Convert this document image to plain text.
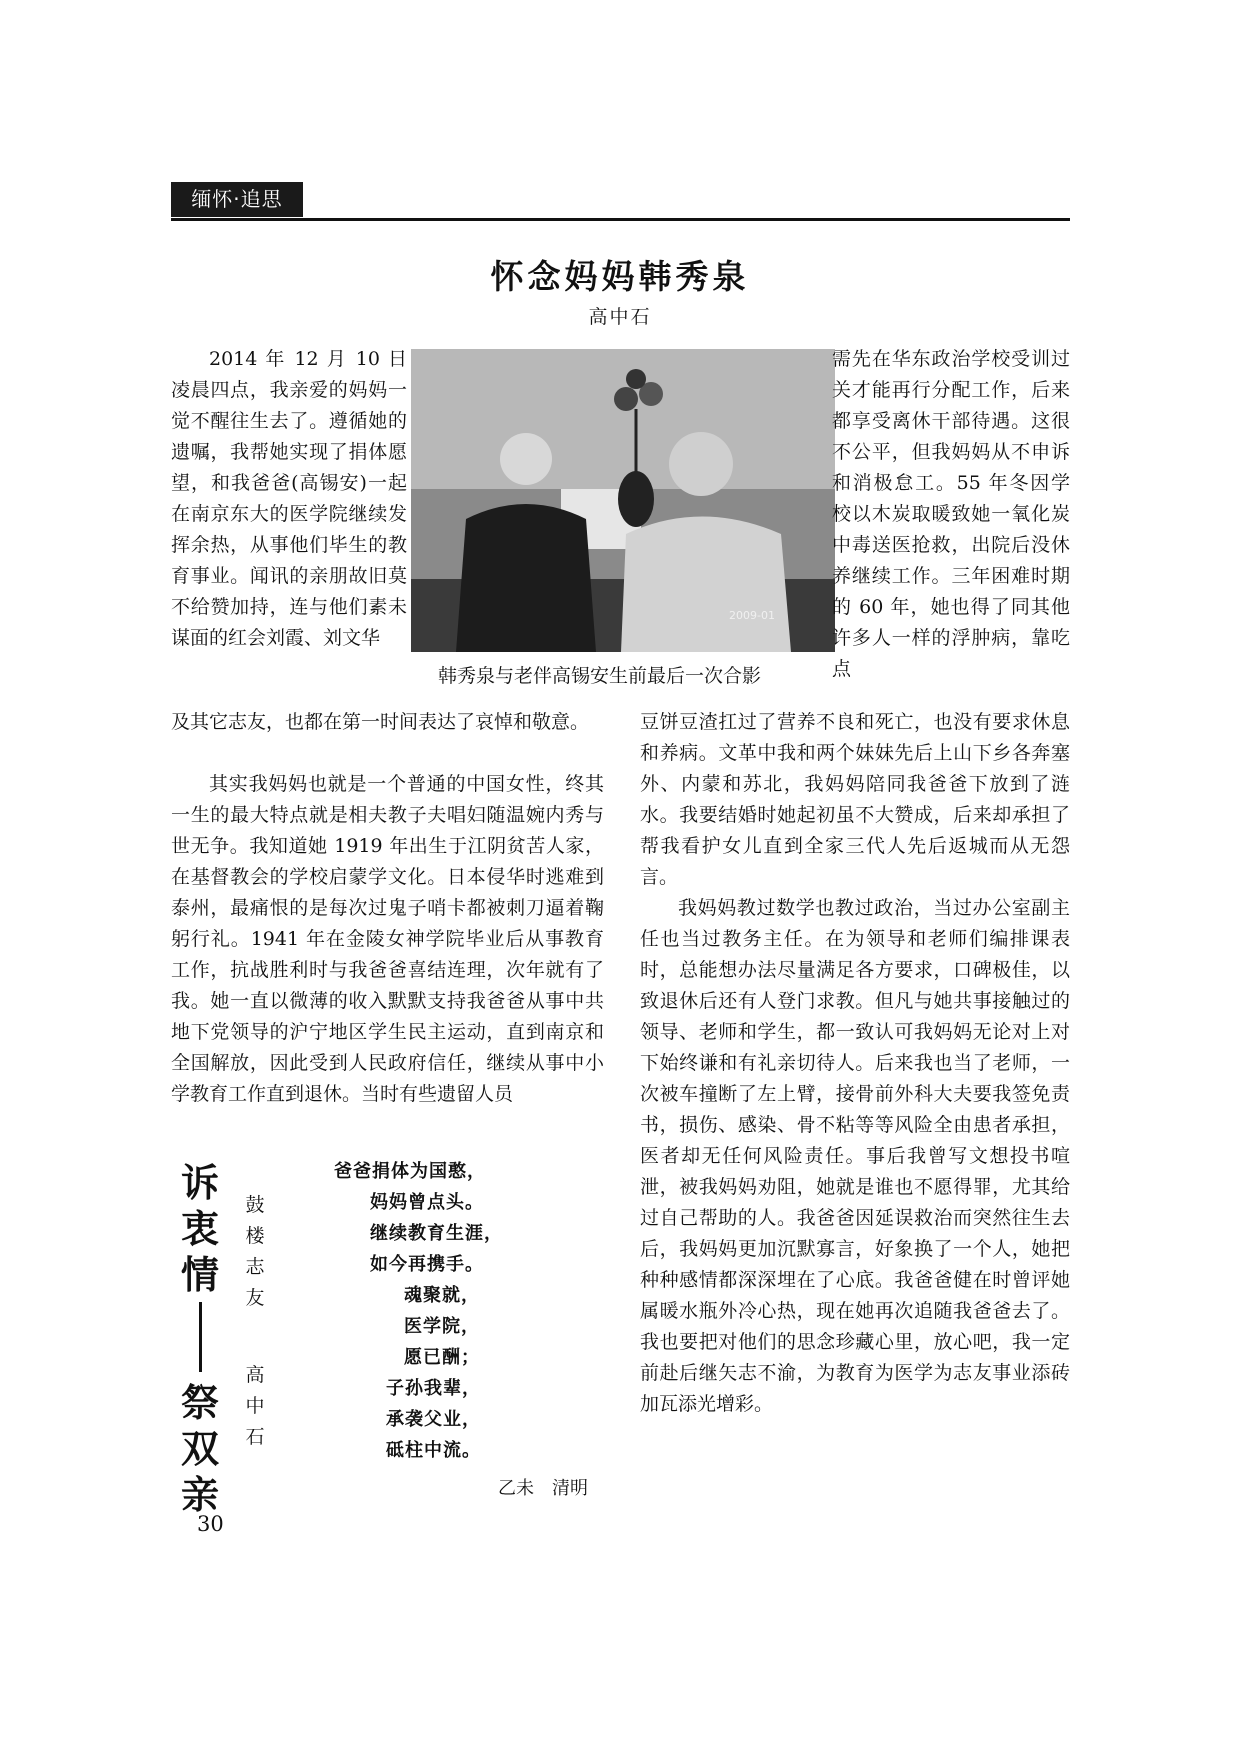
缅怀·追思
怀念妈妈韩秀泉
高中石

2014 年 12 月 10 日凌晨四点，我亲爱的妈妈一觉不醒往生去了。遵循她的遗嘱，我帮她实现了捐体愿望，和我爸爸(高锡安)一起在南京东大的医学院继续发挥余热，从事他们毕生的教育事业。闻讯的亲朋故旧莫不给赞加持，连与他们素未谋面的红会刘霞、刘文华

及其它志友，也都在第一时间表达了哀悼和敬意。

其实我妈妈也就是一个普通的中国女性，终其一生的最大特点就是相夫教子夫唱妇随温婉内秀与世无争。我知道她 1919 年出生于江阴贫苦人家，在基督教会的学校启蒙学文化。日本侵华时逃难到泰州，最痛恨的是每次过鬼子哨卡都被刺刀逼着鞠躬行礼。1941 年在金陵女神学院毕业后从事教育工作，抗战胜利时与我爸爸喜结连理，次年就有了我。她一直以微薄的收入默默支持我爸爸从事中共地下党领导的沪宁地区学生民主运动，直到南京和全国解放，因此受到人民政府信任，继续从事中小学教育工作直到退休。当时有些遗留人员

2009-01
韩秀泉与老伴高锡安生前最后一次合影

需先在华东政治学校受训过关才能再行分配工作，后来都享受离休干部待遇。这很不公平，但我妈妈从不申诉和消极怠工。55 年冬因学校以木炭取暖致她一氧化炭中毒送医抢救，出院后没休养继续工作。三年困难时期的 60 年，她也得了同其他许多人一样的浮肿病，靠吃点

豆饼豆渣扛过了营养不良和死亡，也没有要求休息和养病。文革中我和两个妹妹先后上山下乡各奔塞外、内蒙和苏北，我妈妈陪同我爸爸下放到了涟水。我要结婚时她起初虽不大赞成，后来却承担了帮我看护女儿直到全家三代人先后返城而从无怨言。

我妈妈教过数学也教过政治，当过办公室副主任也当过教务主任。在为领导和老师们编排课表时，总能想办法尽量满足各方要求，口碑极佳，以致退休后还有人登门求教。但凡与她共事接触过的领导、老师和学生，都一致认可我妈妈无论对上对下始终谦和有礼亲切待人。后来我也当了老师，一次被车撞断了左上臂，接骨前外科大夫要我签免责书，损伤、感染、骨不粘等等风险全由患者承担，医者却无任何风险责任。事后我曾写文想投书喧泄，被我妈妈劝阻，她就是谁也不愿得罪，尤其给过自己帮助的人。我爸爸因延误救治而突然往生去后，我妈妈更加沉默寡言，好象换了一个人，她把种种感情都深深埋在了心底。我爸爸健在时曾评她属暖水瓶外冷心热，现在她再次追随我爸爸去了。我也要把对他们的思念珍藏心里，放心吧，我一定前赴后继矢志不渝，为教育为医学为志友事业添砖加瓦添光增彩。

诉衷情
祭双亲
鼓楼志友
高中石
爸爸捐体为国憨，
妈妈曾点头。
继续教育生涯，
如今再携手。
魂聚就，
医学院，
愿已酬；
子孙我辈，
承袭父业，
砥柱中流。
乙未　清明
30
